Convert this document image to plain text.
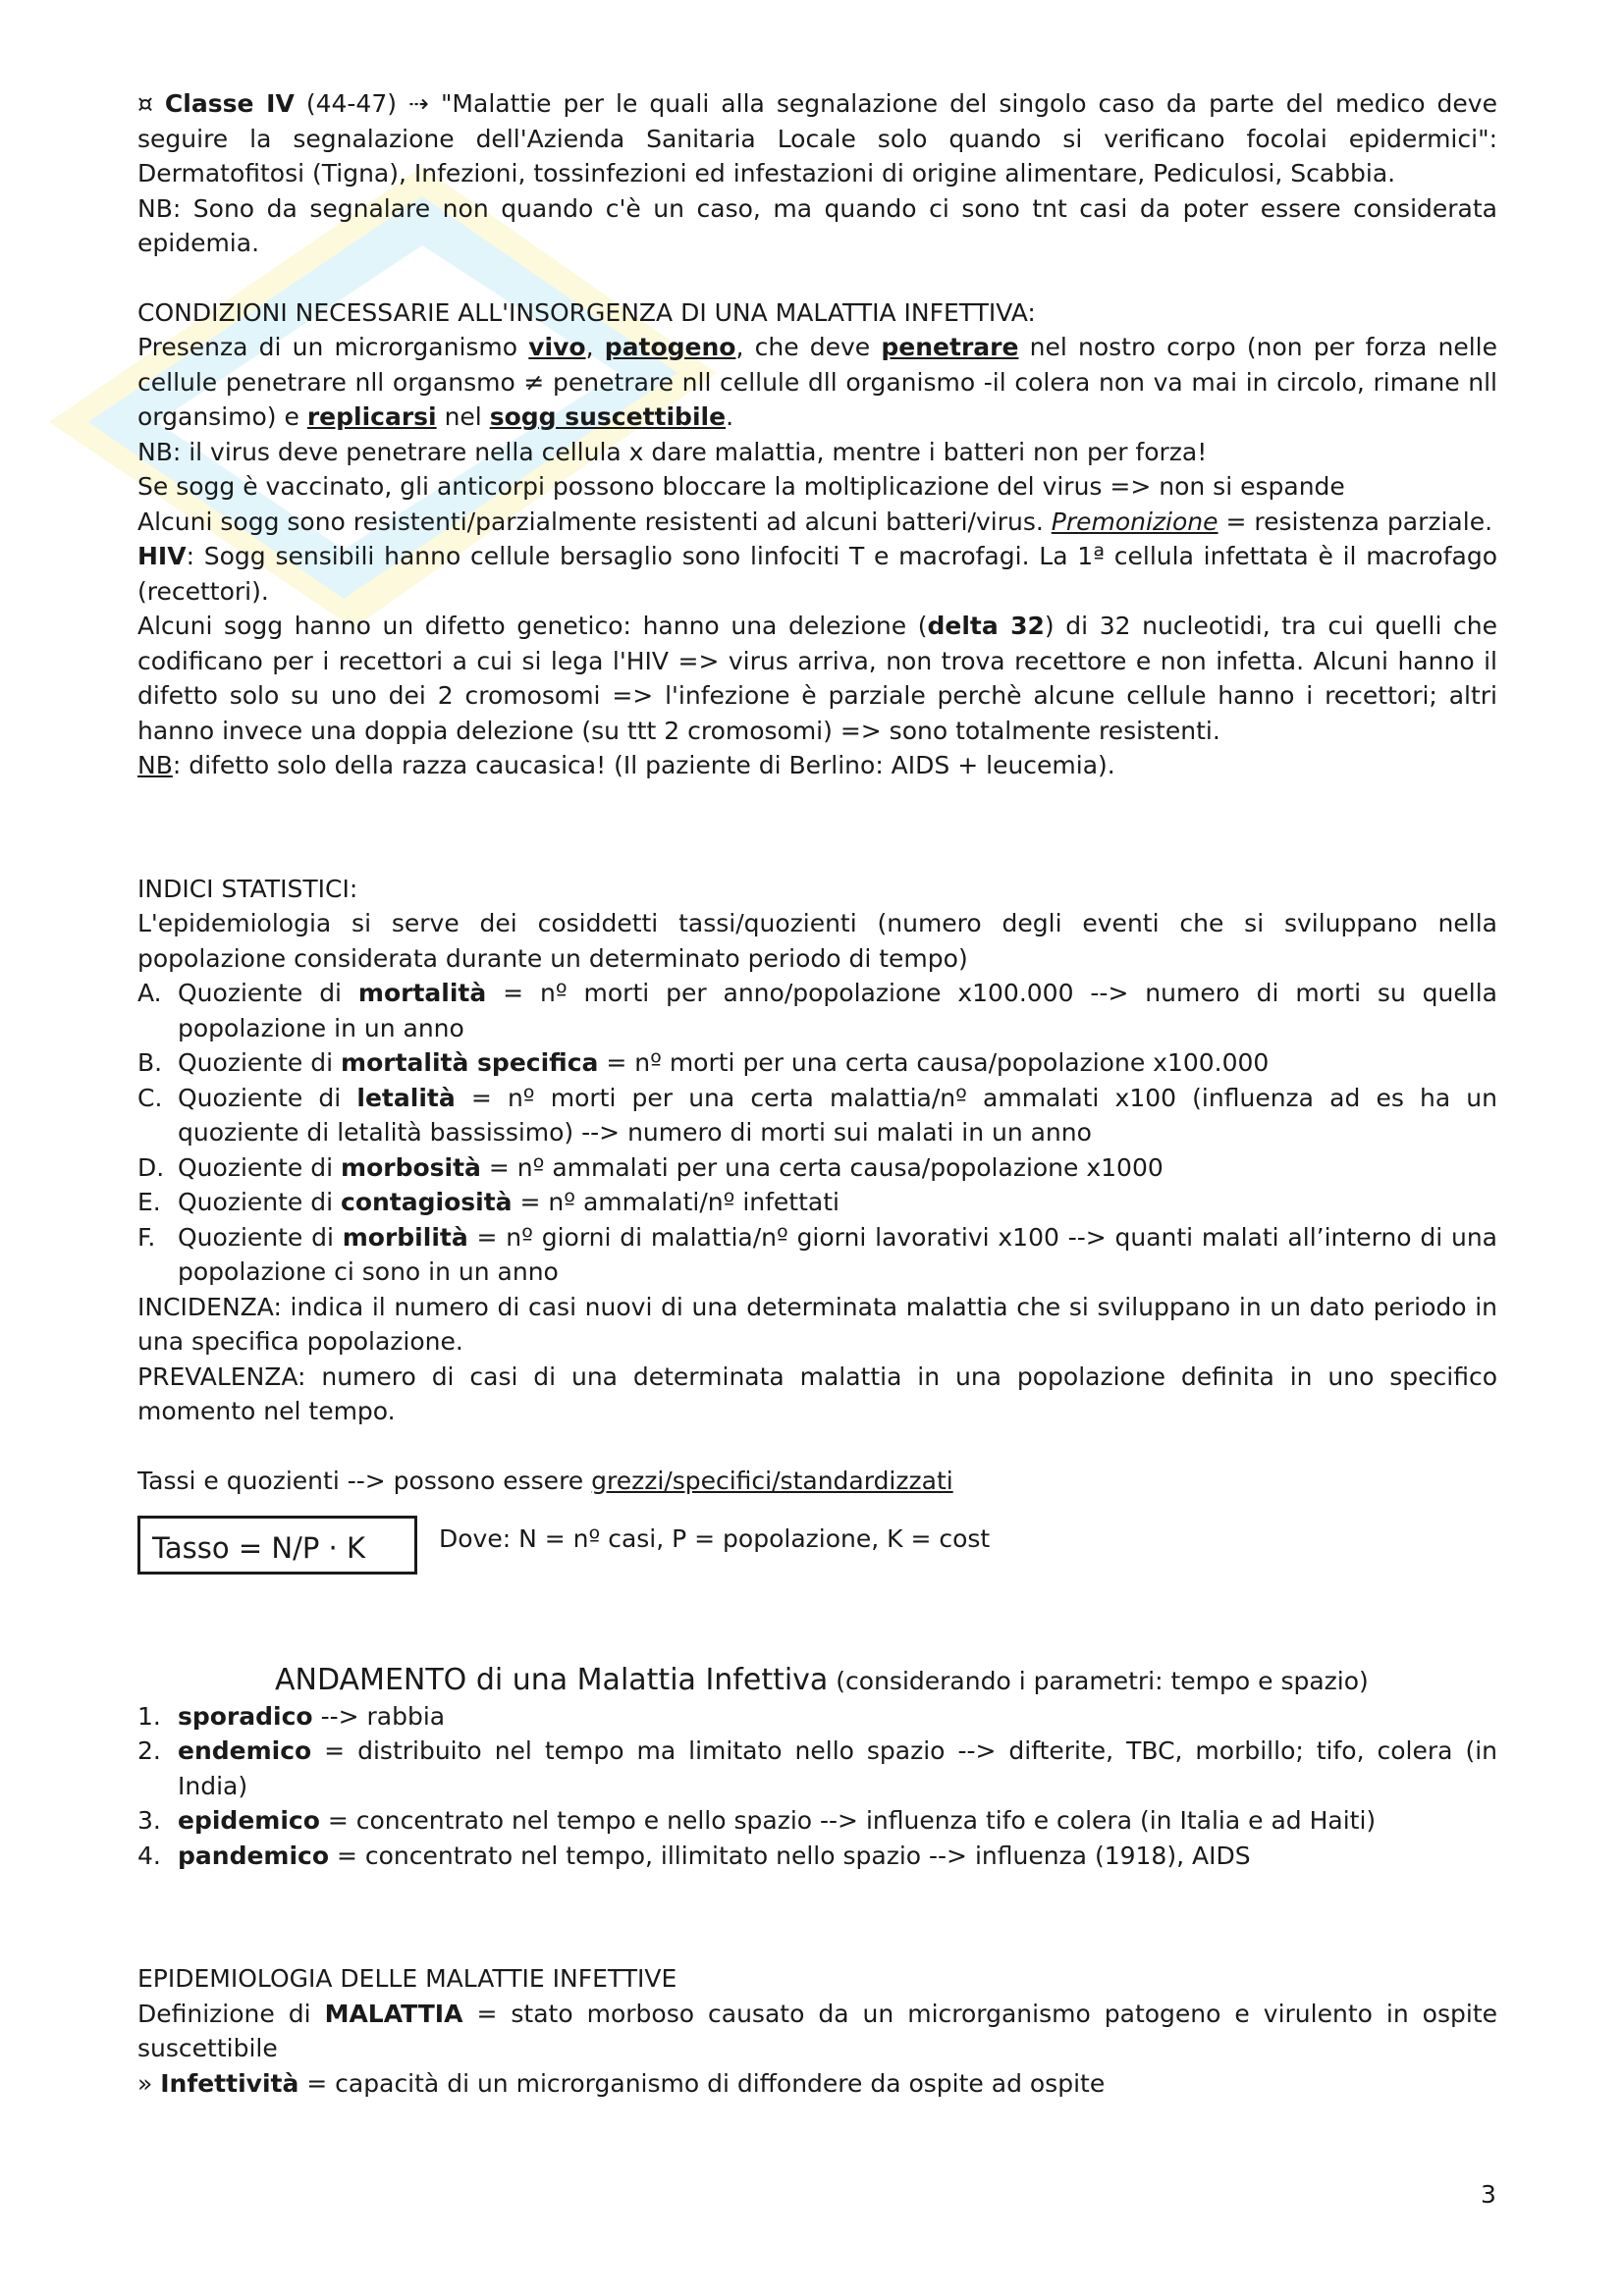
¤ Classe IV (44-47) ⇢ "Malattie per le quali alla segnalazione del singolo caso da parte del medico deve seguire la segnalazione dell'Azienda Sanitaria Locale solo quando si verificano focolai epidermici": Dermatofitosi (Tigna), Infezioni, tossinfezioni ed infestazioni di origine alimentare, Pediculosi, Scabbia.

NB: Sono da segnalare non quando c'è un caso, ma quando ci sono tnt casi da poter essere considerata epidemia.

CONDIZIONI NECESSARIE ALL'INSORGENZA DI UNA MALATTIA INFETTIVA:

Presenza di un microrganismo vivo, patogeno, che deve penetrare nel nostro corpo (non per forza nelle cellule penetrare nll organsmo ≠ penetrare nll cellule dll organismo -il colera non va mai in circolo, rimane nll organsimo) e replicarsi nel sogg suscettibile.

NB: il virus deve penetrare nella cellula x dare malattia, mentre i batteri non per forza!

Se sogg è vaccinato, gli anticorpi possono bloccare la moltiplicazione del virus => non si espande

Alcuni sogg sono resistenti/parzialmente resistenti ad alcuni batteri/virus. Premonizione = resistenza parziale.

HIV: Sogg sensibili hanno cellule bersaglio sono linfociti T e macrofagi. La 1ª cellula infettata è il macrofago (recettori).

Alcuni sogg hanno un difetto genetico: hanno una delezione (delta 32) di 32 nucleotidi, tra cui quelli che codificano per i recettori a cui si lega l'HIV => virus arriva, non trova recettore e non infetta. Alcuni hanno il difetto solo su uno dei 2 cromosomi => l'infezione è parziale perchè alcune cellule hanno i recettori; altri hanno invece una doppia delezione (su ttt 2 cromosomi) => sono totalmente resistenti.

NB: difetto solo della razza caucasica! (Il paziente di Berlino: AIDS + leucemia).

INDICI STATISTICI:

L'epidemiologia si serve dei cosiddetti tassi/quozienti (numero degli eventi che si sviluppano nella popolazione considerata durante un determinato periodo di tempo)

A. Quoziente di mortalità = nº morti per anno/popolazione x100.000 --> numero di morti su quella popolazione in un anno
B. Quoziente di mortalità specifica = nº morti per una certa causa/popolazione x100.000
C. Quoziente di letalità = nº morti per una certa malattia/nº ammalati x100 (influenza ad es ha un quoziente di letalità bassissimo) --> numero di morti sui malati in un anno
D. Quoziente di morbosità = nº ammalati per una certa causa/popolazione x1000
E. Quoziente di contagiosità = nº ammalati/nº infettati
F. Quoziente di morbilità = nº giorni di malattia/nº giorni lavorativi x100 --> quanti malati all’interno di una popolazione ci sono in un anno

INCIDENZA: indica il numero di casi nuovi di una determinata malattia che si sviluppano in un dato periodo in una specifica popolazione.

PREVALENZA: numero di casi di una determinata malattia in una popolazione definita in uno specifico momento nel tempo.

Tassi e quozienti --> possono essere grezzi/specifici/standardizzati

Tasso = N/P · K	Dove: N = nº casi, P = popolazione, K = cost

ANDAMENTO di una Malattia Infettiva (considerando i parametri: tempo e spazio)

1. sporadico --> rabbia
2. endemico = distribuito nel tempo ma limitato nello spazio --> difterite, TBC, morbillo; tifo, colera (in India)
3. epidemico = concentrato nel tempo e nello spazio --> influenza tifo e colera (in Italia e ad Haiti)
4. pandemico = concentrato nel tempo, illimitato nello spazio --> influenza (1918), AIDS

EPIDEMIOLOGIA DELLE MALATTIE INFETTIVE

Definizione di MALATTIA = stato morboso causato da un microrganismo patogeno e virulento in ospite suscettibile

» Infettività = capacità di un microrganismo di diffondere da ospite ad ospite

3
